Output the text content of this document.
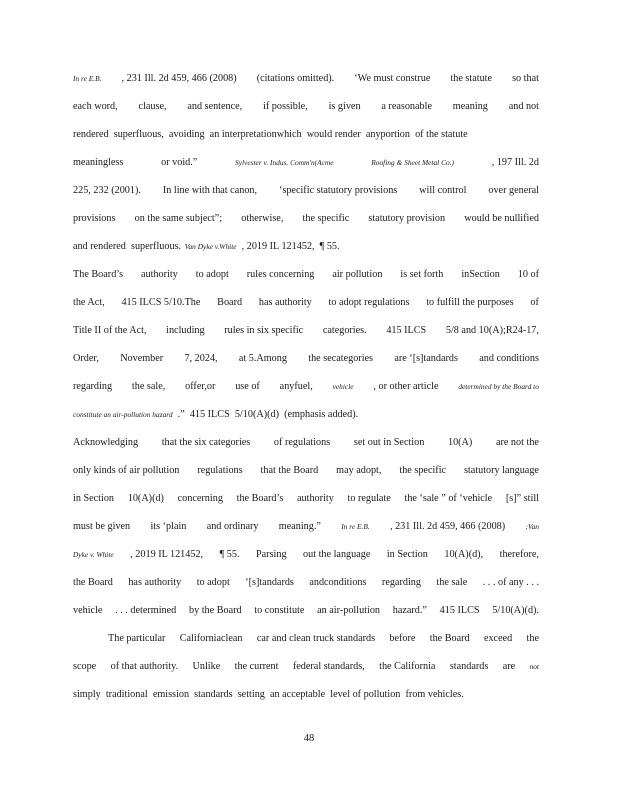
In re E.B. , 231 Ill. 2d 459, 466 (2008) (citations omitted). ‘We must construe the statute so that
each word, clause, and sentence, if possible, is given a reasonable meaning and not
rendered superfluous, avoiding an interpretationwhich would render anyportion of the statute
meaningless	or void.”	Sylvester v. Indus. Comm'n(Acme	Roofing & Sheet Metal Co.)	, 197 Ill. 2d
225, 232 (2001). In line with that canon, ‘specific statutory provisions will control over general
provisions on the same subject”; otherwise, the specific statutory provision would be nullified
and rendered superfluous. Van Dyke v.White , 2019 IL 121452, ¶ 55.
The Board’s authority to adopt rules concerning air pollution is set forth inSection 10 of
the Act, 415 ILCS 5/10.The Board has authority to adopt regulations to fulfill the purposes of
Title II of the Act, including rules in six specific categories. 415 ILCS 5/8 and 10(A);R24-17,
Order, November 7, 2024, at 5.Among the secategories are ‘[s]tandards and conditions
regarding the sale, offer,or use of anyfuel,	vehicle , or other article	determined by the Board to
constitute an air-pollution hazard .” 415 ILCS 5/10(A)(d) (emphasis added).
Acknowledging that the six categories of regulations set out in Section 10(A) are not the
only kinds of air pollution regulations that the Board may adopt, the specific statutory language
in Section 10(A)(d) concerning the Board’s authority to regulate the ‘sale ” of ‘vehicle [s]” still
must be given its ‘plain and ordinary meaning.”	In re E.B. , 231 Ill. 2d 459, 466 (2008)	;Van
Dyke v. White , 2019 IL 121452, ¶ 55. Parsing out the language in Section 10(A)(d), therefore,
the Board has authority to adopt ‘[s]tandards andconditions regarding the sale . . . of any . . .
vehicle . . . determined by the Board to constitute an air-pollution hazard.” 415 ILCS 5/10(A)(d).
The particular Californiaclean car and clean truck standards before the Board exceed the
scope of that authority. Unlike the current federal standards, the California standards are not
simply traditional emission standards setting an acceptable level of pollution from vehicles.
48
